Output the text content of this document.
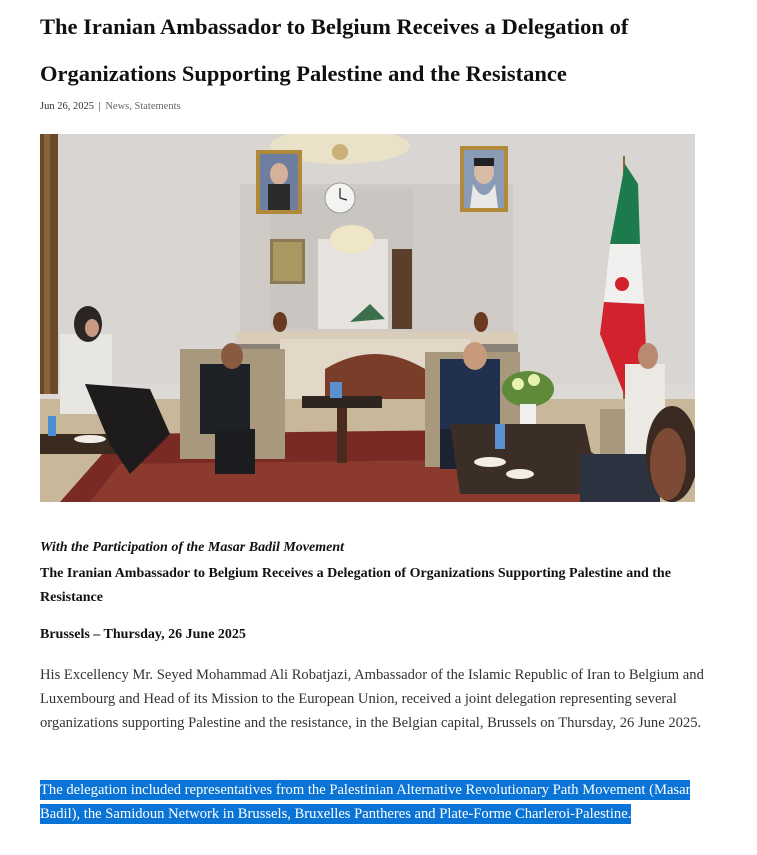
The Iranian Ambassador to Belgium Receives a Delegation of Organizations Supporting Palestine and the Resistance
Jun 26, 2025 | News, Statements
With the Participation of the Masar Badil Movement
The Iranian Ambassador to Belgium Receives a Delegation of Organizations Supporting Palestine and the Resistance
Brussels – Thursday, 26 June 2025

His Excellency Mr. Seyed Mohammad Ali Robatjazi, Ambassador of the Islamic Republic of Iran to Belgium and Luxembourg and Head of its Mission to the European Union, received a joint delegation representing several organizations supporting Palestine and the resistance, in the Belgian capital, Brussels on Thursday, 26 June 2025.

The delegation included representatives from the Palestinian Alternative Revolutionary Path Movement (Masar Badil), the Samidoun Network in Brussels, Bruxelles Pantheres and Plate-Forme Charleroi-Palestine.
